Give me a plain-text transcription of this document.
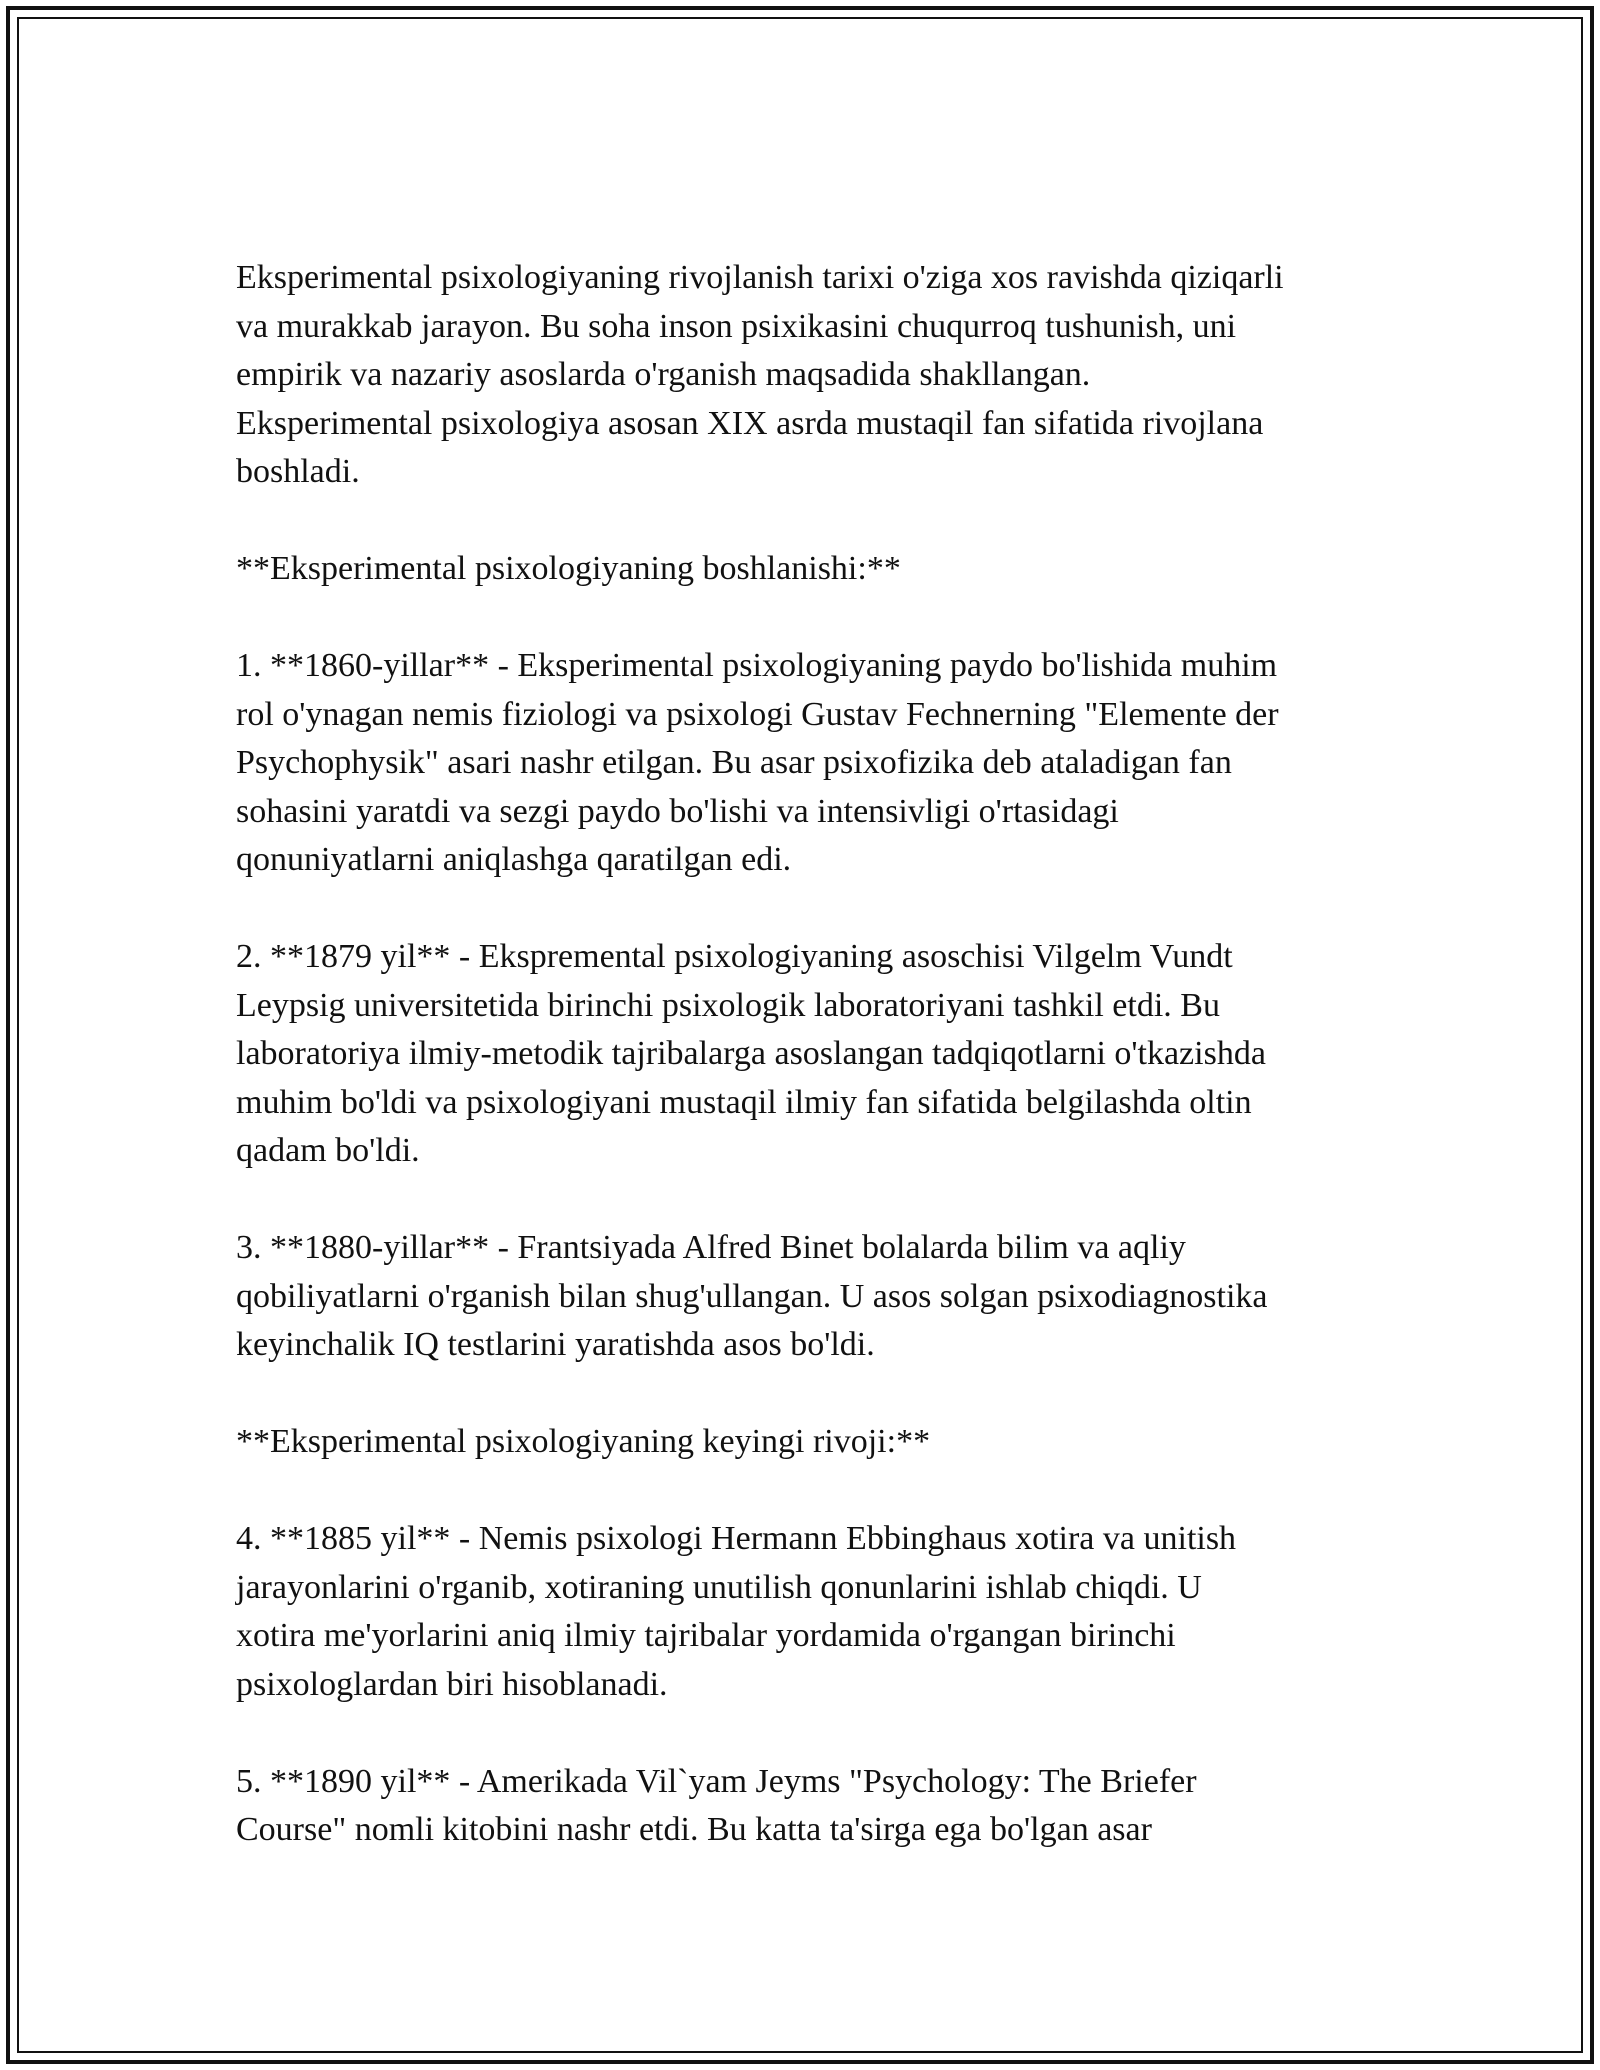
Eksperimental psixologiyaning rivojlanish tarixi o'ziga xos ravishda qiziqarli
va murakkab jarayon. Bu soha inson psixikasini chuqurroq tushunish, uni
empirik va nazariy asoslarda o'rganish maqsadida shakllangan.
Eksperimental psixologiya asosan XIX asrda mustaqil fan sifatida rivojlana
boshladi.

**Eksperimental psixologiyaning boshlanishi:**

1. **1860-yillar** - Eksperimental psixologiyaning paydo bo'lishida muhim
rol o'ynagan nemis fiziologi va psixologi Gustav Fechnerning "Elemente der
Psychophysik" asari nashr etilgan. Bu asar psixofizika deb ataladigan fan
sohasini yaratdi va sezgi paydo bo'lishi va intensivligi o'rtasidagi
qonuniyatlarni aniqlashga qaratilgan edi.

2. **1879 yil** - Ekspremental psixologiyaning asoschisi Vilgelm Vundt
Leypsig universitetida birinchi psixologik laboratoriyani tashkil etdi. Bu
laboratoriya ilmiy-metodik tajribalarga asoslangan tadqiqotlarni o'tkazishda
muhim bo'ldi va psixologiyani mustaqil ilmiy fan sifatida belgilashda oltin
qadam bo'ldi.

3. **1880-yillar** - Frantsiyada Alfred Binet bolalarda bilim va aqliy
qobiliyatlarni o'rganish bilan shug'ullangan. U asos solgan psixodiagnostika
keyinchalik IQ testlarini yaratishda asos bo'ldi.

**Eksperimental psixologiyaning keyingi rivoji:**

4. **1885 yil** - Nemis psixologi Hermann Ebbinghaus xotira va unitish
jarayonlarini o'rganib, xotiraning unutilish qonunlarini ishlab chiqdi. U
xotira me'yorlarini aniq ilmiy tajribalar yordamida o'rgangan birinchi
psixologlardan biri hisoblanadi.

5. **1890 yil** - Amerikada Vil`yam Jeyms "Psychology: The Briefer
Course" nomli kitobini nashr etdi. Bu katta ta'sirga ega bo'lgan asar
